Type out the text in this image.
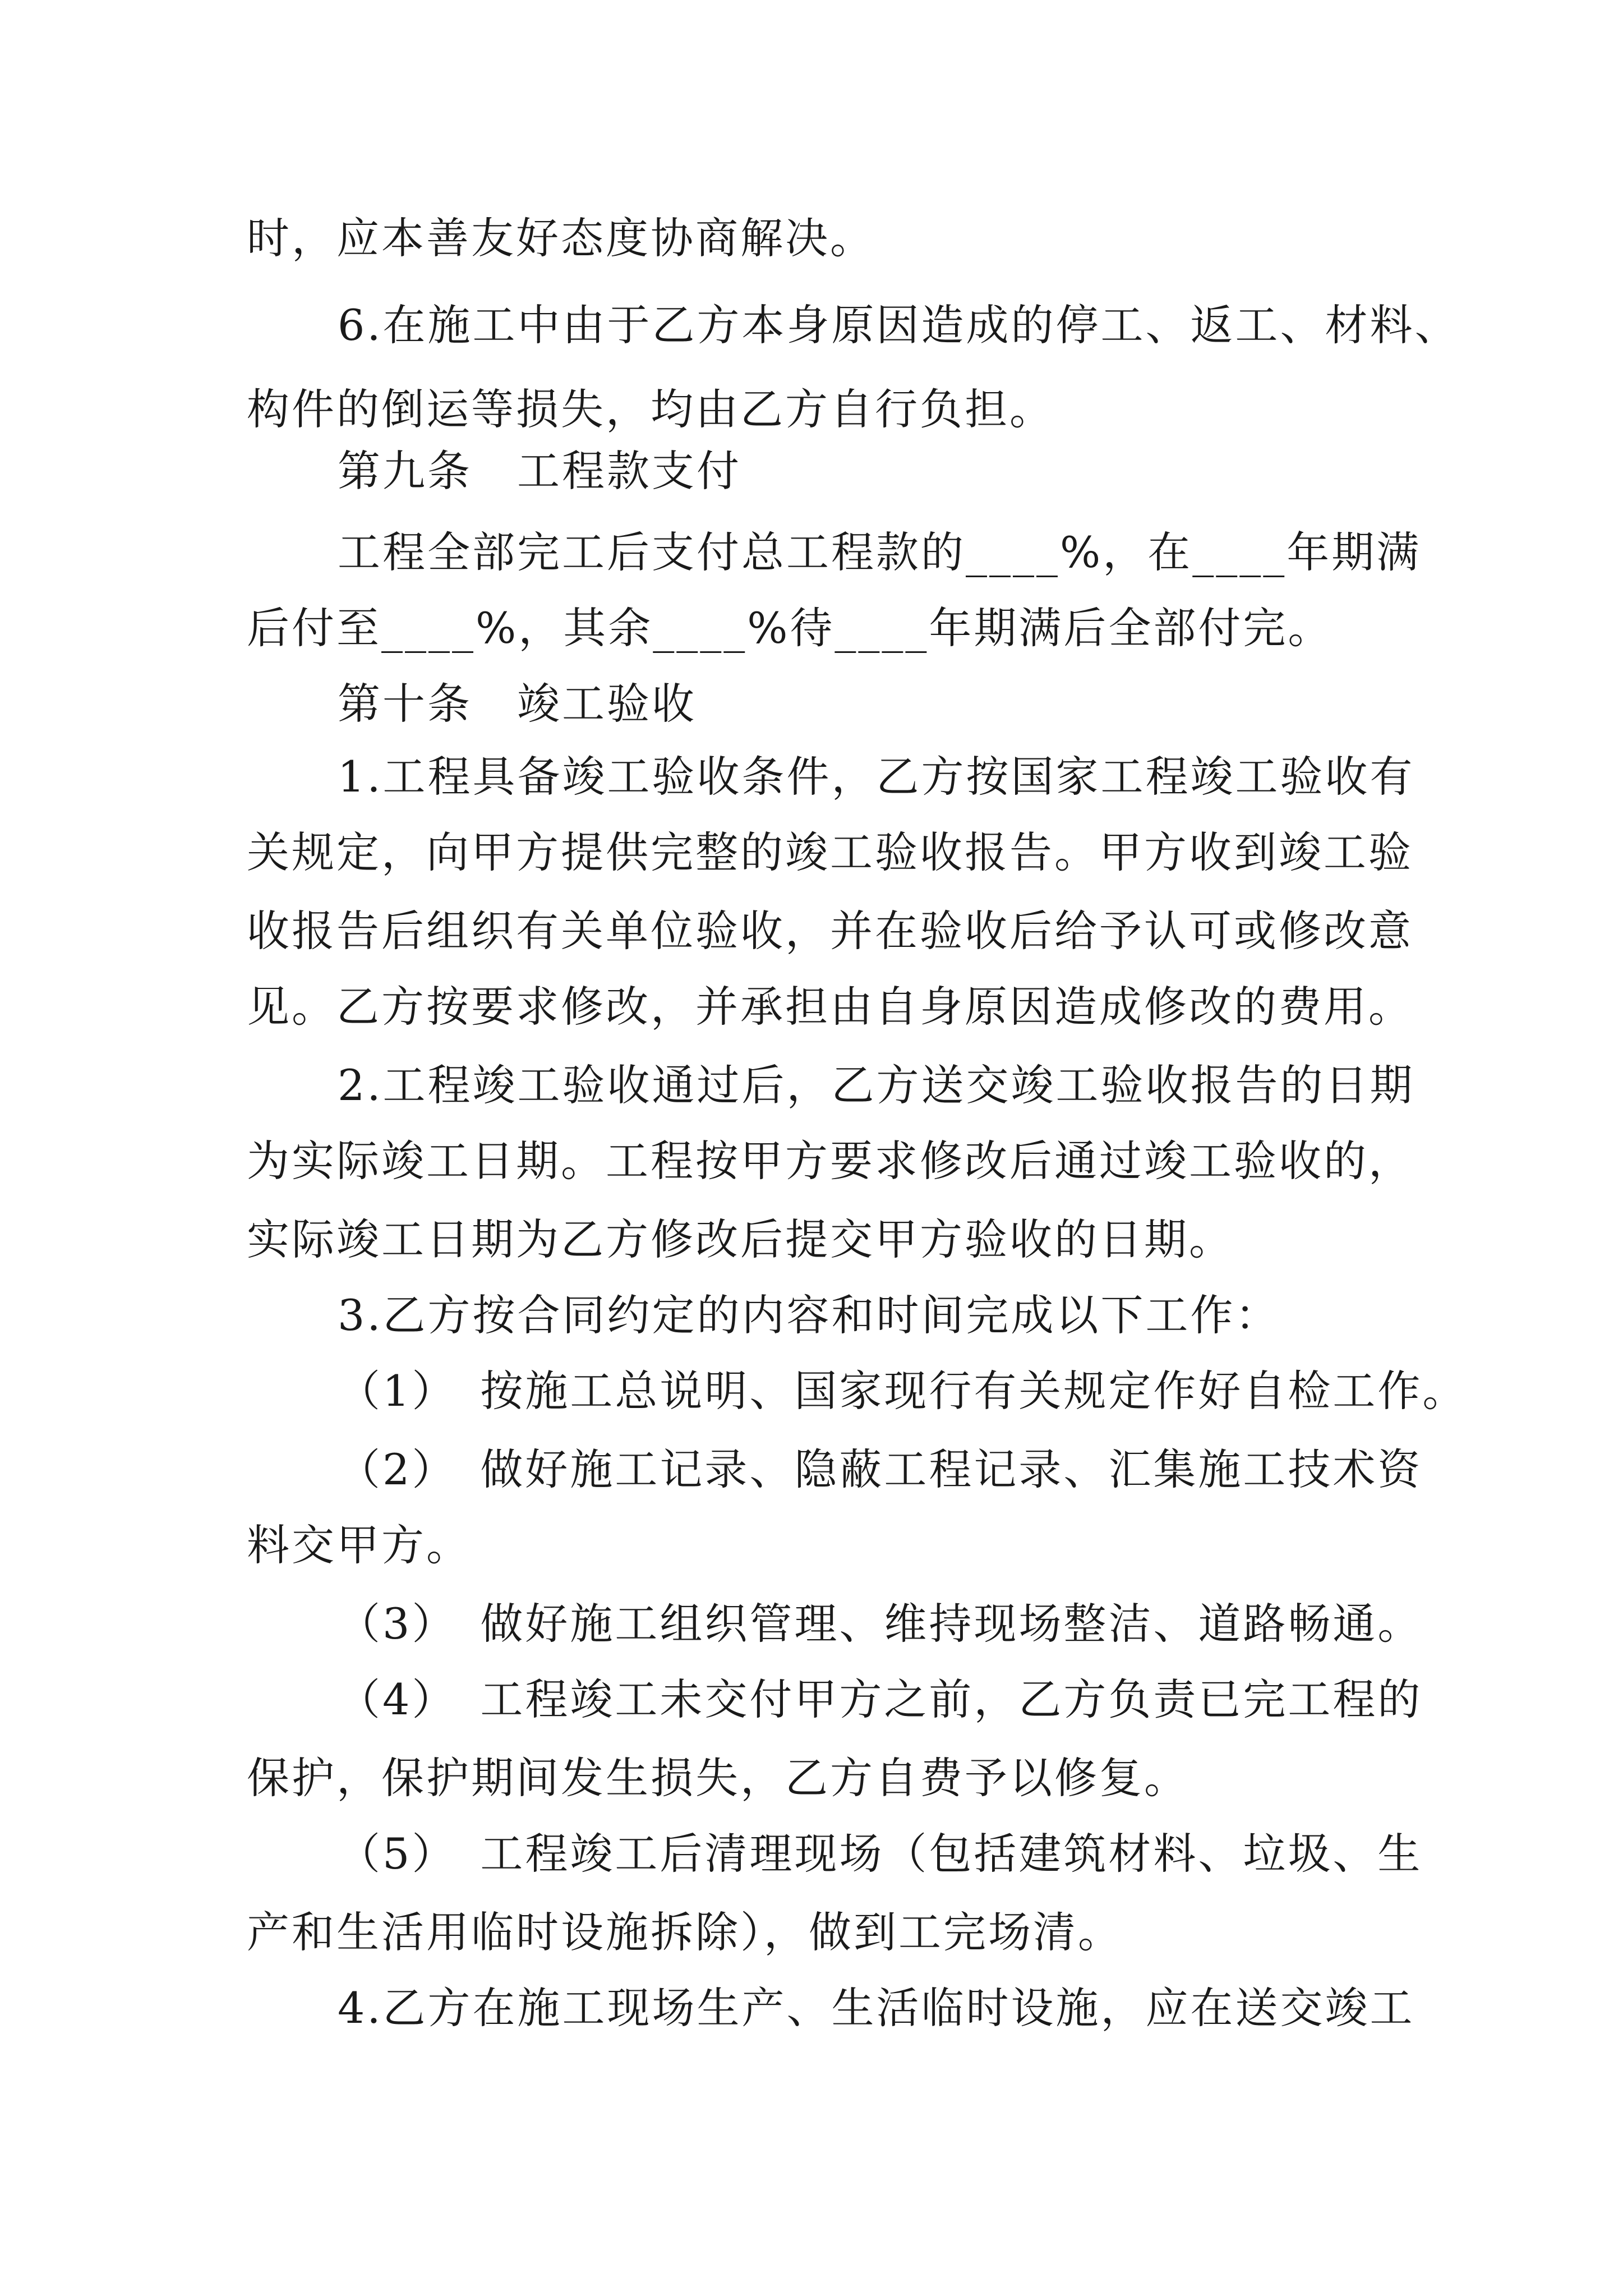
时，应本善友好态度协商解决。

6.在施工中由于乙方本身原因造成的停工、返工、材料、

构件的倒运等损失，均由乙方自行负担。

第九条　工程款支付

工程全部完工后支付总工程款的____%，在____年期满

后付至____%，其余____%待____年期满后全部付完。

第十条　竣工验收

1.工程具备竣工验收条件，乙方按国家工程竣工验收有

关规定，向甲方提供完整的竣工验收报告。甲方收到竣工验

收报告后组织有关单位验收，并在验收后给予认可或修改意

见。乙方按要求修改，并承担由自身原因造成修改的费用。

2.工程竣工验收通过后，乙方送交竣工验收报告的日期

为实际竣工日期。工程按甲方要求修改后通过竣工验收的，

实际竣工日期为乙方修改后提交甲方验收的日期。

3.乙方按合同约定的内容和时间完成以下工作：

（1）　按施工总说明、国家现行有关规定作好自检工作。

（2）　做好施工记录、隐蔽工程记录、汇集施工技术资

料交甲方。

（3）　做好施工组织管理、维持现场整洁、道路畅通。

（4）　工程竣工未交付甲方之前，乙方负责已完工程的

保护，保护期间发生损失，乙方自费予以修复。

（5）　工程竣工后清理现场（包括建筑材料、垃圾、生

产和生活用临时设施拆除），做到工完场清。

4.乙方在施工现场生产、生活临时设施，应在送交竣工
